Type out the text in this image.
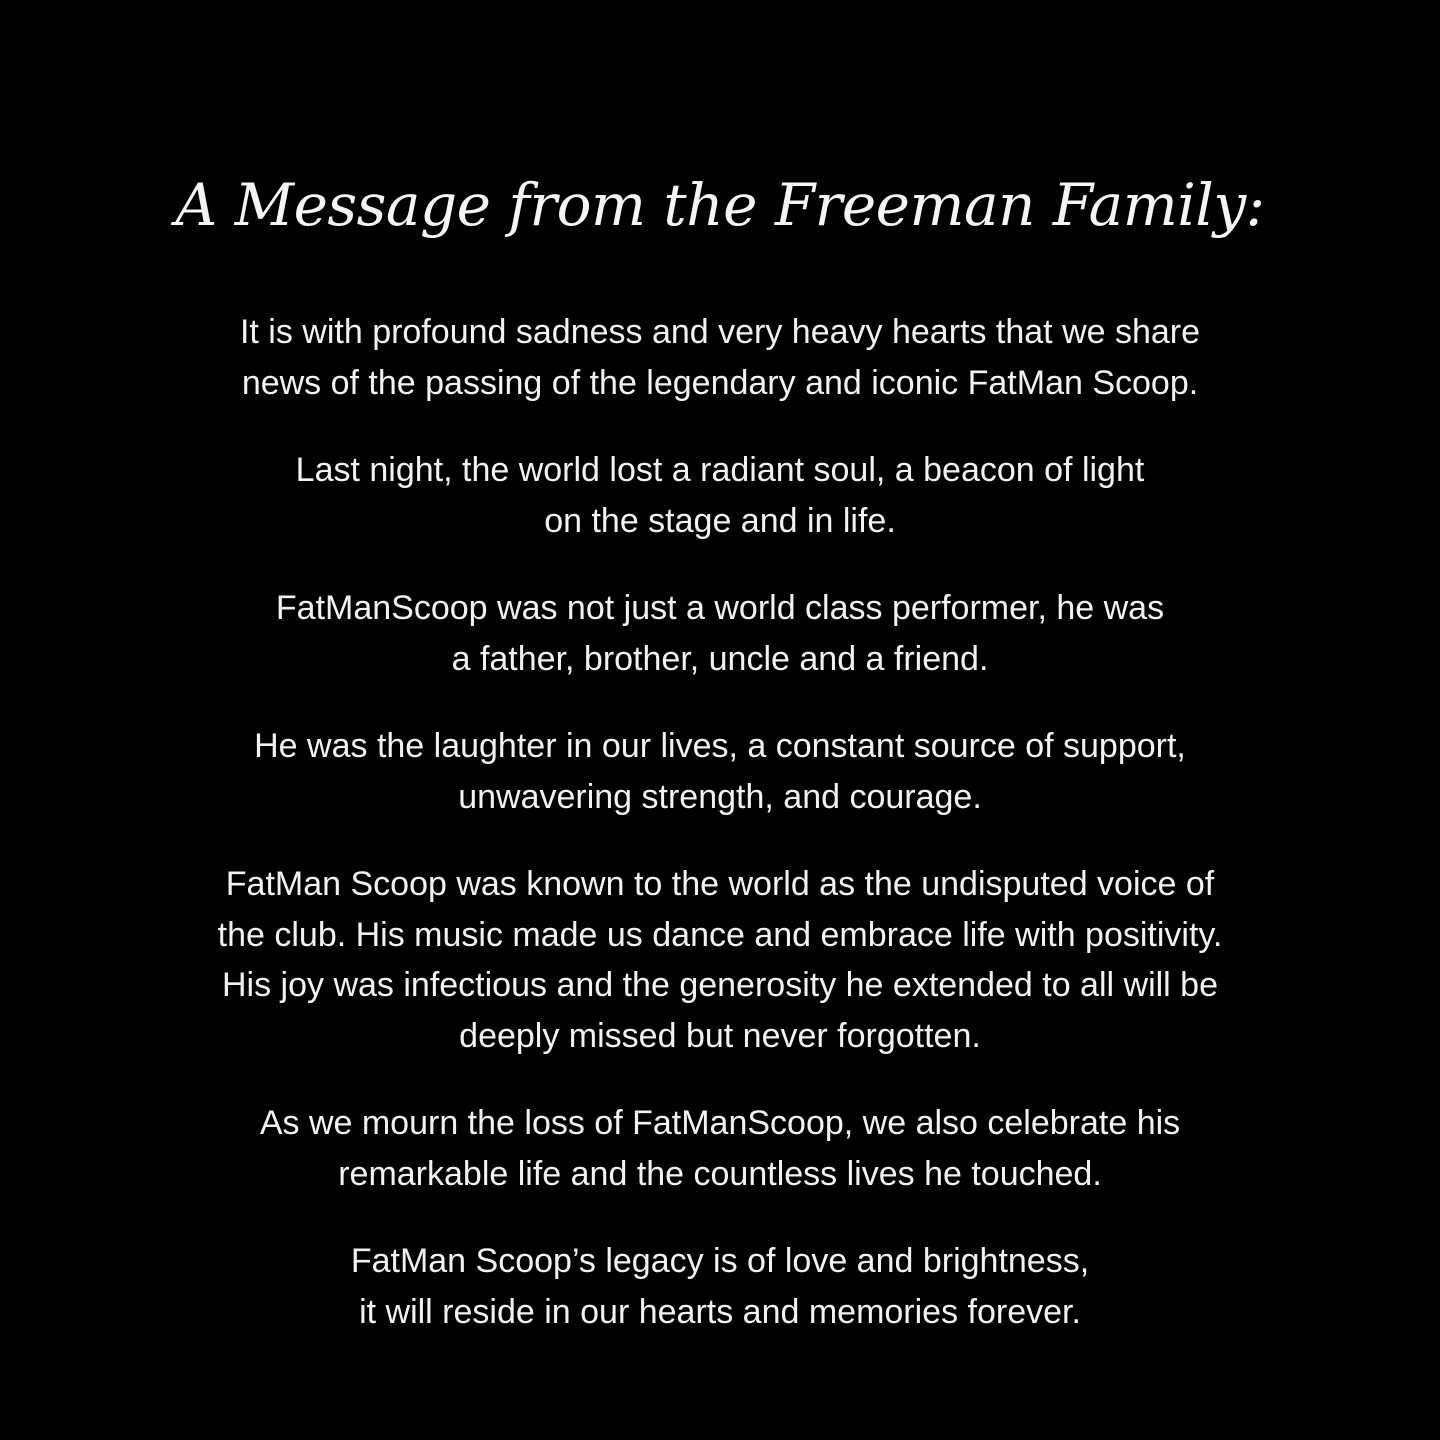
A Message from the Freeman Family:

It is with profound sadness and very heavy hearts that we share
news of the passing of the legendary and iconic FatMan Scoop.

Last night, the world lost a radiant soul, a beacon of light
on the stage and in life.

FatManScoop was not just a world class performer, he was
a father, brother, uncle and a friend.

He was the laughter in our lives, a constant source of support,
unwavering strength, and courage.

FatMan Scoop was known to the world as the undisputed voice of
the club. His music made us dance and embrace life with positivity.
His joy was infectious and the generosity he extended to all will be
deeply missed but never forgotten.

As we mourn the loss of FatManScoop, we also celebrate his
remarkable life and the countless lives he touched.

FatMan Scoop’s legacy is of love and brightness,
it will reside in our hearts and memories forever.
